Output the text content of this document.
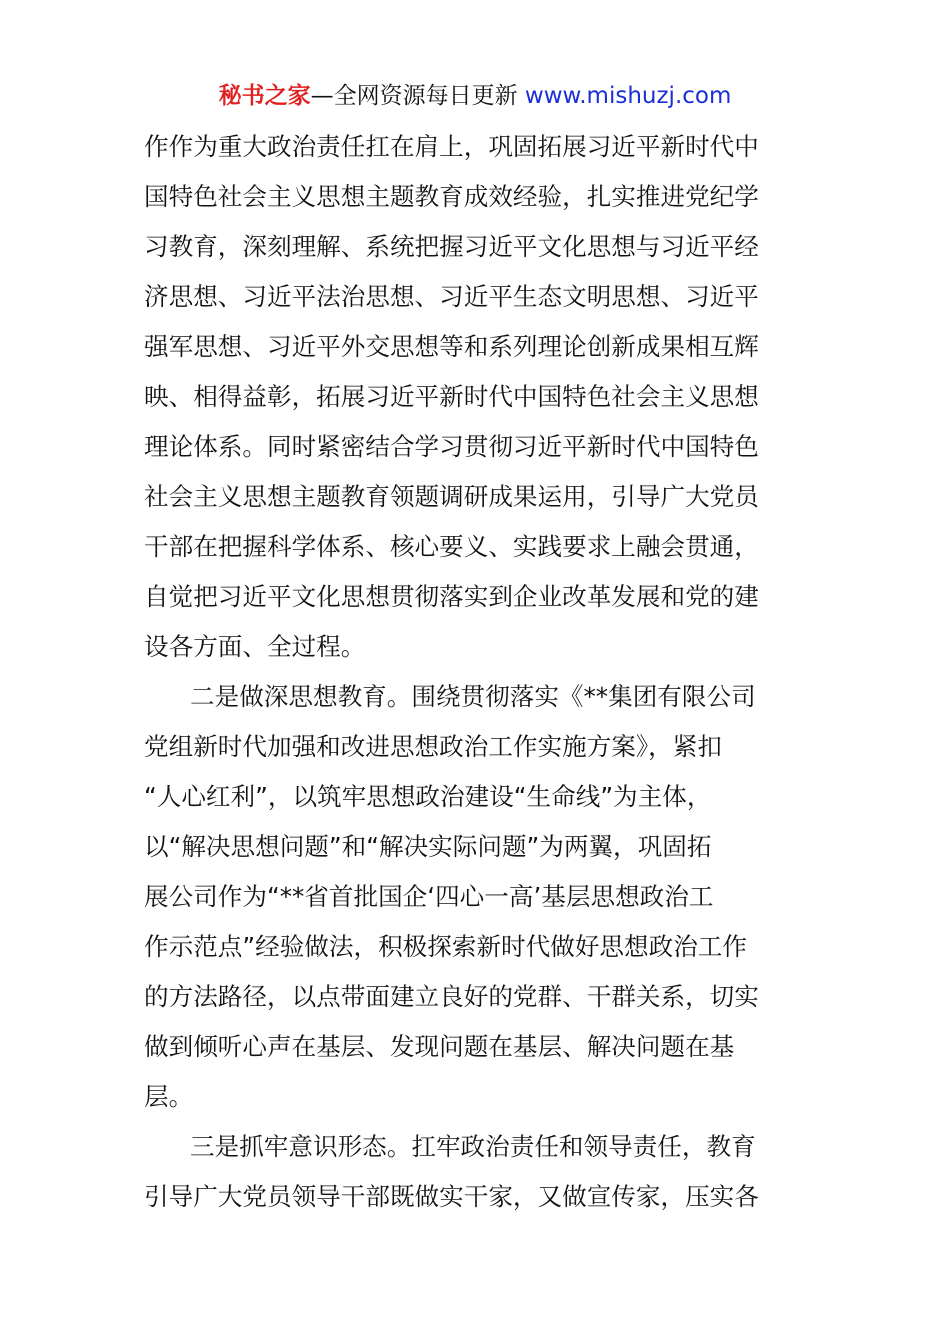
秘书之家—全网资源每日更新 www.mishuzj.com
作作为重大政治责任扛在肩上，巩固拓展习近平新时代中
国特色社会主义思想主题教育成效经验，扎实推进党纪学
习教育，深刻理解、系统把握习近平文化思想与习近平经
济思想、习近平法治思想、习近平生态文明思想、习近平
强军思想、习近平外交思想等和系列理论创新成果相互辉
映、相得益彰，拓展习近平新时代中国特色社会主义思想
理论体系。同时紧密结合学习贯彻习近平新时代中国特色
社会主义思想主题教育领题调研成果运用，引导广大党员
干部在把握科学体系、核心要义、实践要求上融会贯通，
自觉把习近平文化思想贯彻落实到企业改革发展和党的建
设各方面、全过程。
二是做深思想教育。围绕贯彻落实《**集团有限公司
党组新时代加强和改进思想政治工作实施方案》，紧扣
“人心红利”，以筑牢思想政治建设“生命线”为主体，
以“解决思想问题”和“解决实际问题”为两翼，巩固拓
展公司作为“**省首批国企‘四心一高’基层思想政治工
作示范点”经验做法，积极探索新时代做好思想政治工作
的方法路径，以点带面建立良好的党群、干群关系，切实
做到倾听心声在基层、发现问题在基层、解决问题在基
层。
三是抓牢意识形态。扛牢政治责任和领导责任，教育
引导广大党员领导干部既做实干家，又做宣传家，压实各
